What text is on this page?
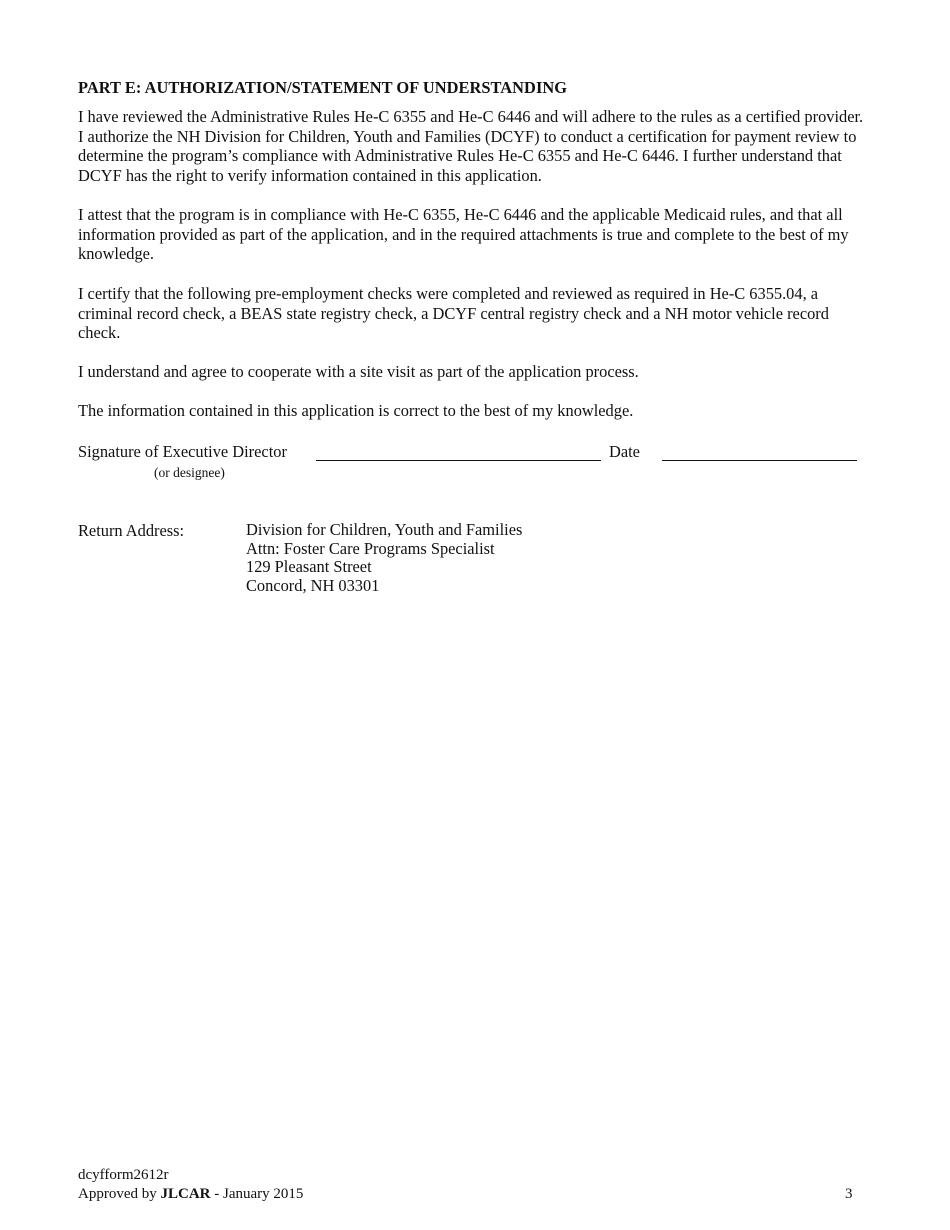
PART E: AUTHORIZATION/STATEMENT OF UNDERSTANDING

I have reviewed the Administrative Rules He-C 6355 and He-C 6446 and will adhere to the rules as a certified provider. I authorize the NH Division for Children, Youth and Families (DCYF) to conduct a certification for payment review to determine the program’s compliance with Administrative Rules He-C 6355 and He-C 6446. I further understand that DCYF has the right to verify information contained in this application.

I attest that the program is in compliance with He-C 6355, He-C 6446 and the applicable Medicaid rules, and that all information provided as part of the application, and in the required attachments is true and complete to the best of my knowledge.

I certify that the following pre-employment checks were completed and reviewed as required in He-C 6355.04, a criminal record check, a BEAS state registry check, a DCYF central registry check and a NH motor vehicle record check.

I understand and agree to cooperate with a site visit as part of the application process.

The information contained in this application is correct to the best of my knowledge.

Signature of Executive Director
(or designee)
Date
Return Address:	Division for Children, Youth and Families
Attn: Foster Care Programs Specialist
129 Pleasant Street
Concord, NH 03301
dcyfform2612r
Approved by JLCAR - January 2015	3
